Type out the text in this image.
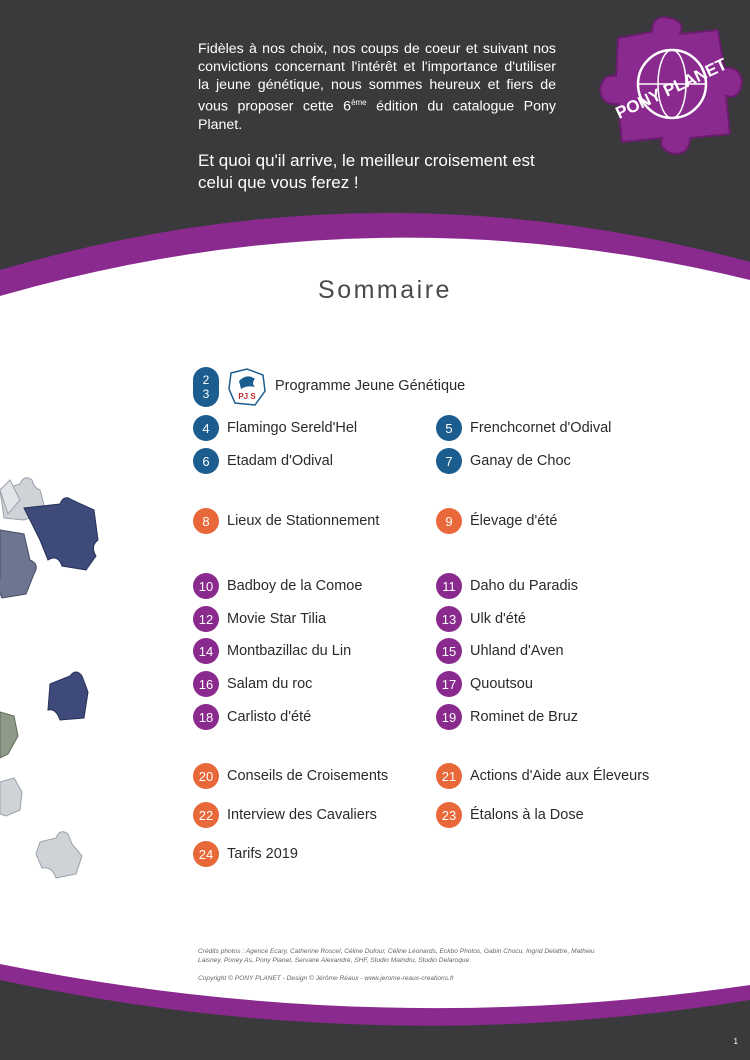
Fidèles à nos choix, nos coups de coeur et suivant nos convictions concernant l'intérêt et l'importance d'utiliser la jeune génétique, nous sommes heureux et fiers de vous proposer cette 6ème édition du catalogue Pony Planet.
Et quoi qu'il arrive, le meilleur croisement est celui que vous ferez !
PONY PLANET
Sommaire
2
3	PJ S
Programme Jeune Génétique
4	Flamingo Sereld'Hel	5	Frenchcornet d'Odival
6	Etadam d'Odival	7	Ganay de Choc
8	Lieux de Stationnement	9	Élevage d'été
10 Badboy de la Comoe	11 Daho du Paradis
12 Movie Star Tilia	13 Ulk d'été
14 Montbazillac du Lin	15 Uhland d'Aven
16 Salam du roc	17 Quoutsou
18 Carlisto d'été	19 Rominet de Bruz
20 Conseils de Croisements	21 Actions d'Aide aux Éleveurs
22 Interview des Cavaliers	23 Étalons à la Dose
24 Tarifs 2019
Crédits photos : Agence Ecary, Catherine Roscel, Céline Dufour, Céline Léonards, Eckbo Photos, Gabin Chocu, Ingrid Delattre, Mathieu Laisney, Poney As, Pony Planet, Servane Alexandre, SHF, Studio Maindru, Studio Delaroque
Copyright © PONY PLANET - Design © Jérôme Réaux - www.jerome-reaux-creations.fr
1
